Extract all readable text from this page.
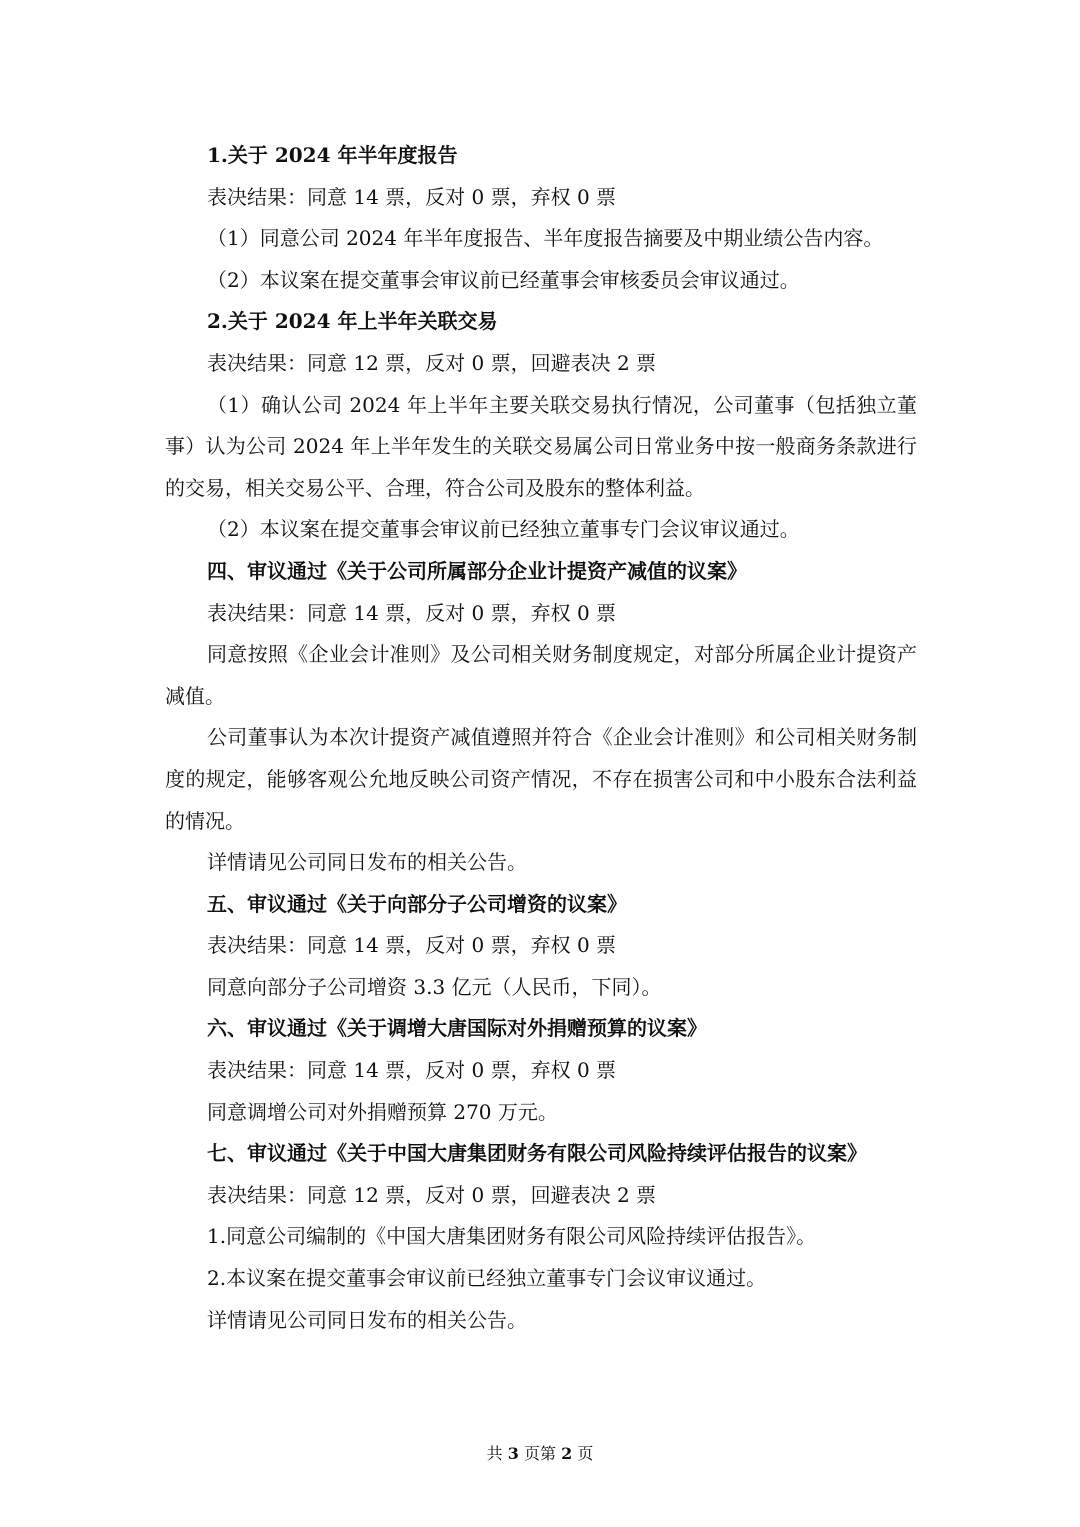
1.关于 2024 年半年度报告
表决结果：同意 14 票，反对 0 票，弃权 0 票
（1）同意公司 2024 年半年度报告、半年度报告摘要及中期业绩公告内容。
（2）本议案在提交董事会审议前已经董事会审核委员会审议通过。
2.关于 2024 年上半年关联交易
表决结果：同意 12 票，反对 0 票，回避表决 2 票
（1）确认公司 2024 年上半年主要关联交易执行情况，公司董事（包括独立董事）认为公司 2024 年上半年发生的关联交易属公司日常业务中按一般商务条款进行的交易，相关交易公平、合理，符合公司及股东的整体利益。
（2）本议案在提交董事会审议前已经独立董事专门会议审议通过。
四、审议通过《关于公司所属部分企业计提资产减值的议案》
表决结果：同意 14 票，反对 0 票，弃权 0 票
同意按照《企业会计准则》及公司相关财务制度规定，对部分所属企业计提资产减值。
公司董事认为本次计提资产减值遵照并符合《企业会计准则》和公司相关财务制度的规定，能够客观公允地反映公司资产情况，不存在损害公司和中小股东合法利益的情况。
详情请见公司同日发布的相关公告。
五、审议通过《关于向部分子公司增资的议案》
表决结果：同意 14 票，反对 0 票，弃权 0 票
同意向部分子公司增资 3.3 亿元（人民币，下同）。
六、审议通过《关于调增大唐国际对外捐赠预算的议案》
表决结果：同意 14 票，反对 0 票，弃权 0 票
同意调增公司对外捐赠预算 270 万元。
七、审议通过《关于中国大唐集团财务有限公司风险持续评估报告的议案》
表决结果：同意 12 票，反对 0 票，回避表决 2 票
1.同意公司编制的《中国大唐集团财务有限公司风险持续评估报告》。
2.本议案在提交董事会审议前已经独立董事专门会议审议通过。
详情请见公司同日发布的相关公告。
共 3 页第 2 页
